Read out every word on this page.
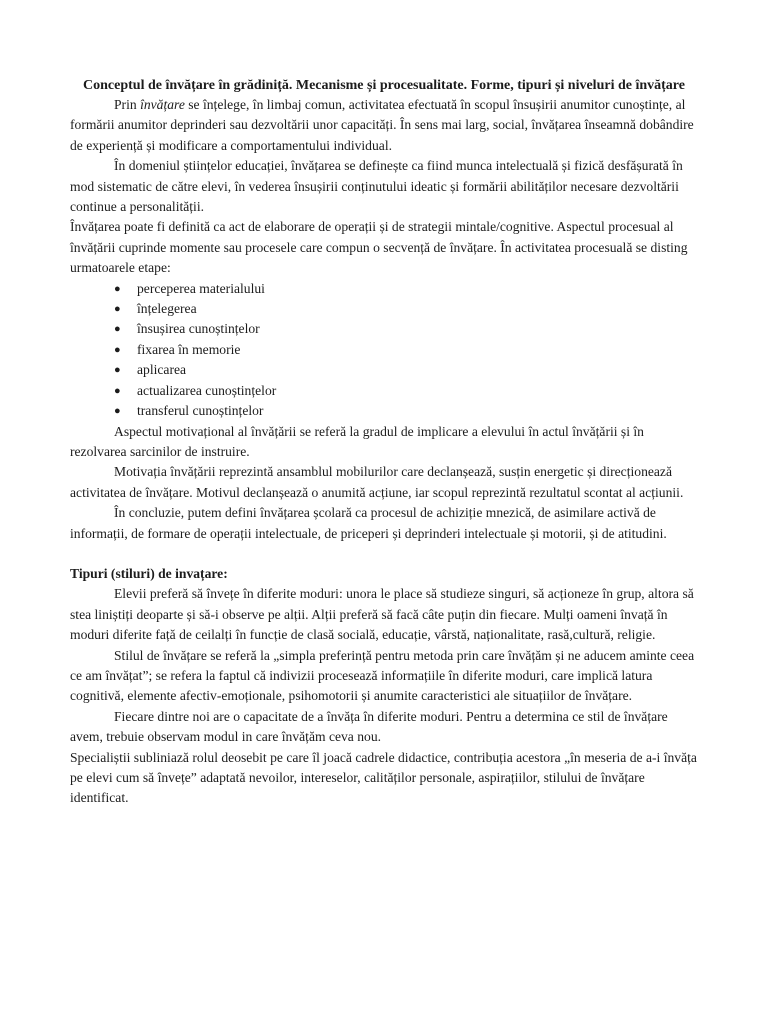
Conceptul de învățare în grădiniță. Mecanisme și procesualitate. Forme, tipuri și niveluri de învățare

Prin învățare se înțelege, în limbaj comun, activitatea efectuată în scopul însușirii anumitor cunoștințe, al formării anumitor deprinderi sau dezvoltării unor capacități. În sens mai larg, social, învățarea înseamnă dobândire de experiență și modificare a comportamentului individual.

În domeniul științelor educației, învățarea se definește ca fiind munca intelectuală și fizică desfășurată în mod sistematic de către elevi, în vederea însușirii conținutului ideatic și formării abilităților necesare dezvoltării continue a personalității.

Învățarea poate fi definită ca act de elaborare de operații și de strategii mintale/cognitive. Aspectul procesual al învățării cuprinde momente sau procesele care compun o secvență de învățare. În activitatea procesuală se disting urmatoarele etape:

● perceperea materialului
● înțelegerea
● însușirea cunoștințelor
● fixarea în memorie
● aplicarea
● actualizarea cunoștințelor
● transferul cunoștințelor

Aspectul motivațional al învățării se referă la gradul de implicare a elevului în actul învățării și în rezolvarea sarcinilor de instruire.

Motivația învățării reprezintă ansamblul mobilurilor care declanșează, susțin energetic și direcționează activitatea de învățare. Motivul declanșează o anumită acțiune, iar scopul reprezintă rezultatul scontat al acțiunii.

În concluzie, putem defini învățarea școlară ca procesul de achiziție mnezică, de asimilare activă de informații, de formare de operații intelectuale, de priceperi și deprinderi intelectuale și motorii, și de atitudini.

Tipuri (stiluri) de invațare:

Elevii preferă să învețe în diferite moduri: unora le place să studieze singuri, să acționeze în grup, altora să stea liniștiți deoparte și să-i observe pe alții. Alții preferă să facă câte puțin din fiecare. Mulți oameni învață în moduri diferite față de ceilalți în funcție de clasă socială, educație, vârstă, naționalitate, rasă,cultură, religie.

Stilul de învățare se referă la „simpla preferință pentru metoda prin care învățăm și ne aducem aminte ceea ce am învățat”; se refera la faptul că indivizii procesează informațiile în diferite moduri, care implică latura cognitivă, elemente afectiv-emoționale, psihomotorii și anumite caracteristici ale situațiilor de învățare.

Fiecare dintre noi are o capacitate de a învăța în diferite moduri. Pentru a determina ce stil de învățare avem, trebuie observam modul in care învățăm ceva nou.

Specialiștii subliniază rolul deosebit pe care îl joacă cadrele didactice, contribuția acestora „în meseria de a-i învăța pe elevi cum să învețe” adaptată nevoilor, intereselor, calităților personale, aspirațiilor, stilului de învățare identificat.
